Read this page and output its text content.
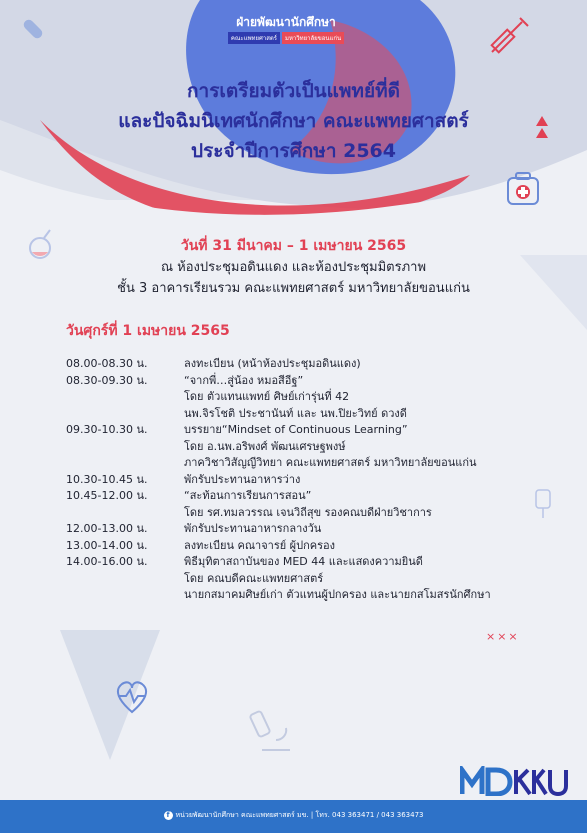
ฝ่ายพัฒนานักศึกษา
คณะแพทยศาสตร์	มหาวิทยาลัยขอนแก่น
การเตรียมตัวเป็นแพทย์ที่ดี
และปัจฉิมนิเทศนักศึกษา คณะแพทยศาสตร์
ประจำปีการศึกษา 2564
วันที่ 31 มีนาคม – 1 เมษายน 2565
ณ ห้องประชุมอดินแดง และห้องประชุมมิตรภาพ
ชั้น 3 อาคารเรียนรวม คณะแพทยศาสตร์ มหาวิทยาลัยขอนแก่น
วันศุกร์ที่ 1 เมษายน 2565
08.00-08.30 น.	ลงทะเบียน (หน้าห้องประชุมอดินแดง)
08.30-09.30 น.	“จากพี่…สู่น้อง หมอสีอีฐ”
โดย ตัวแทนแพทย์ ศิษย์เก่ารุ่นที่ 42
นพ.จิรโชติ ประชานันท์ และ นพ.ปิยะวิทย์ ดวงดี
09.30-10.30 น.	บรรยาย“Mindset of Continuous Learning”
โดย อ.นพ.อริพงศ์ พัฒนเศรษฐพงษ์
ภาควิชาวิสัญญีวิทยา คณะแพทยศาสตร์ มหาวิทยาลัยขอนแก่น
10.30-10.45 น.	พักรับประทานอาหารว่าง
10.45-12.00 น.	“สะท้อนการเรียนการสอน”
โดย รศ.ทมลวรรณ เจนวิถีสุข รองคณบดีฝ่ายวิชาการ
12.00-13.00 น.	พักรับประทานอาหารกลางวัน
13.00-14.00 น.	ลงทะเบียน คณาจารย์ ผู้ปกครอง
14.00-16.00 น.	พิธีมุทิตาสถาบันของ MED 44 และแสดงความยินดี
โดย คณบดีคณะแพทยศาสตร์
นายกสมาคมศิษย์เก่า ตัวแทนผู้ปกครอง และนายกสโมสรนักศึกษา
×××
f หน่วยพัฒนานักศึกษา คณะแพทยศาสตร์ มข. | โทร. 043 363471 / 043 363473
